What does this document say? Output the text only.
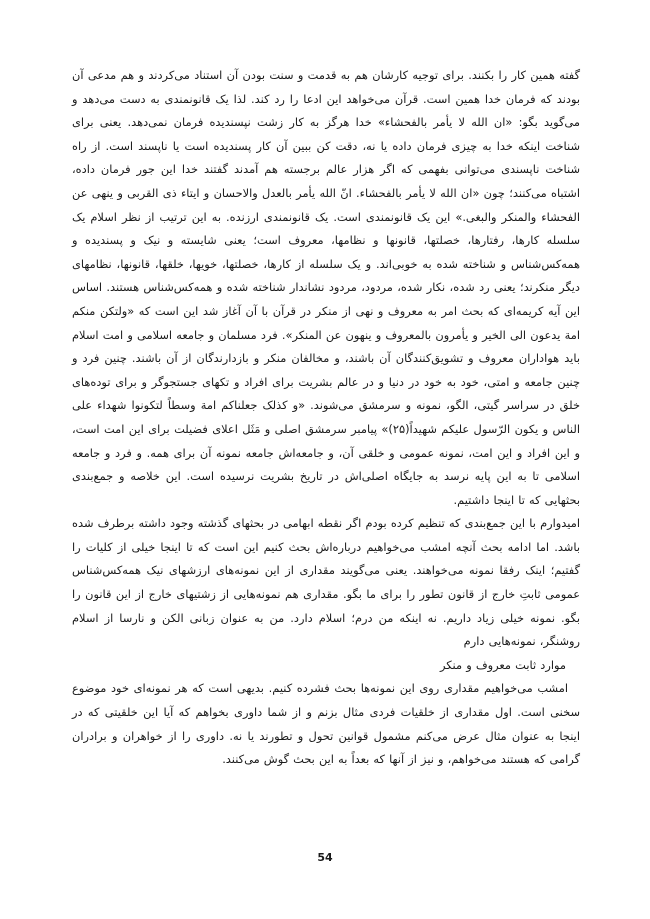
گفته همین کار را بکنند. برای توجیه کارشان هم به قدمت و سنت بودن آن استناد می‌کردند و هم مدعی آن بودند که فرمان خدا همین است. قرآن می‌خواهد این ادعا را رد کند. لذا یک قانونمندی به دست می‌دهد و می‌گوید بگو: «ان الله لا یأمر بالفحشاء» خدا هرگز به کار زشت نپسندیده فرمان نمی‌دهد. یعنی برای شناخت اینکه خدا به چیزی فرمان داده یا نه، دقت کن ببین آن کار پسندیده است یا ناپسند است. از راه شناخت ناپسندی می‌توانی بفهمی که اگر هزار عالم برجسته هم آمدند گفتند خدا این جور فرمان داده، اشتباه می‌کنند؛ چون «ان الله لا یأمر بالفحشاء. انّ الله یأمر بالعدل والاحسان و ایتاء ذی القربی و ینهی عن الفحشاء والمنکر والبغی.» این یک قانونمندی است. یک قانونمندی ارزنده. به این ترتیب از نظر اسلام یک سلسله کارها، رفتارها، خصلتها، قانونها و نظامها، معروف است؛ یعنی شایسته و نیک و پسندیده و همه‌کس‌شناس و شناخته شده به خوبی‌اند. و یک سلسله از کارها، خصلتها، خویها، خلقها، قانونها، نظامهای دیگر منکرند؛ یعنی رد شده، نکار شده، مردود، مردود نشاندار شناخته شده و همه‌کس‌شناس هستند. اساس این آیه کریمه‌ای که بحث امر به معروف و نهی از منکر در قرآن با آن آغاز شد این است که «ولتکن منکم امة یدعون الی الخیر و یأمرون بالمعروف و ینهون عن المنکر». فرد مسلمان و جامعه اسلامی و امت اسلام باید هواداران معروف و تشویق‌کنندگان آن باشند، و مخالفان منکر و بازدارندگان از آن باشند. چنین فرد و چنین جامعه و امتی، خود به خود در دنیا و در عالم بشریت برای افراد و تکهای جستجوگر و برای توده‌های خلق در سراسر گیتی، الگو، نمونه و سرمشق می‌شوند. «و کذلک جعلناکم امة وسطاً لتکونوا شهداء علی الناس و یکون الرّسول علیکم شهیداً(۲۵)» پیامبر سرمشق اصلی و مَثَل اعلای فضیلت برای این امت است، و این افراد و این امت، نمونه عمومی و خلقی آن، و جامعه‌اش جامعه نمونه آن برای همه. و فرد و جامعه اسلامی تا به این پایه نرسد به جایگاه اصلی‌اش در تاریخ بشریت نرسیده است. این خلاصه و جمع‌بندی بحثهایی که تا اینجا داشتیم.

امیدوارم با این جمع‌بندی که تنظیم کرده بودم اگر نقطه ابهامی در بحثهای گذشته وجود داشته برطرف شده باشد. اما ادامه بحث آنچه امشب می‌خواهیم درباره‌اش بحث کنیم این است که تا اینجا خیلی از کلیات را گفتیم؛ اینک رفقا نمونه می‌خواهند. یعنی می‌گویند مقداری از این نمونه‌های ارزشهای نیک همه‌کس‌شناس عمومی ثابتِ خارج از قانون تطور را برای ما بگو. مقداری هم نمونه‌هایی از زشتیهای خارج از این قانون را بگو. نمونه خیلی زیاد داریم. نه اینکه من درم؛ اسلام دارد. من به عنوان زبانی الکن و نارسا از اسلام روشنگر، نمونه‌هایی دارم

موارد ثابت معروف و منکر

امشب می‌خواهیم مقداری روی این نمونه‌ها بحث فشرده کنیم. بدیهی است که هر نمونه‌ای خود موضوع سخنی است. اول مقداری از خلقیات فردی مثال بزنم و از شما داوری بخواهم که آیا این خلقیتی که در اینجا به عنوان مثال عرض می‌کنم مشمول قوانین تحول و تطورند یا نه. داوری را از خواهران و برادران گرامی که هستند می‌خواهم، و نیز از آنها که بعداً به این بحث گوش می‌کنند.

54
